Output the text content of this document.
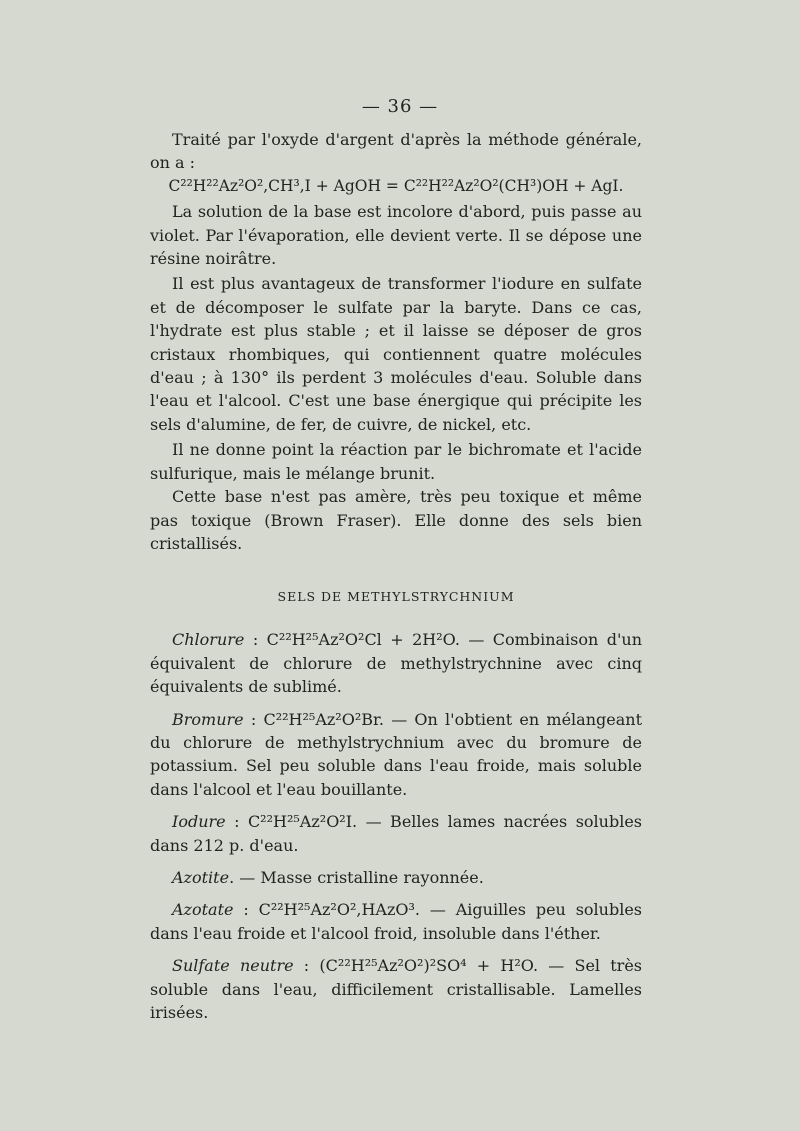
— 36 —

Traité par l'oxyde d'argent d'après la méthode générale, on a :

C²²H²²Az²O²,CH³,I + AgOH = C²²H²²Az²O²(CH³)OH + AgI.

La solution de la base est incolore d'abord, puis passe au violet. Par l'évaporation, elle devient verte. Il se dépose une résine noirâtre.

Il est plus avantageux de transformer l'iodure en sulfate et de décomposer le sulfate par la baryte. Dans ce cas, l'hydrate est plus stable ; et il laisse se déposer de gros cristaux rhombiques, qui contiennent quatre molécules d'eau ; à 130° ils perdent 3 molécules d'eau. Soluble dans l'eau et l'alcool. C'est une base énergique qui précipite les sels d'alumine, de fer, de cuivre, de nickel, etc.

Il ne donne point la réaction par le bichromate et l'acide sulfurique, mais le mélange brunit.

Cette base n'est pas amère, très peu toxique et même pas toxique (Brown Fraser). Elle donne des sels bien cristallisés.

SELS DE METHYLSTRYCHNIUM

Chlorure : C²²H²⁵Az²O²Cl + 2H²O. — Combinaison d'un équivalent de chlorure de methylstrychnine avec cinq équivalents de sublimé.

Bromure : C²²H²⁵Az²O²Br. — On l'obtient en mélangeant du chlorure de methylstrychnium avec du bromure de potassium. Sel peu soluble dans l'eau froide, mais soluble dans l'alcool et l'eau bouillante.

Iodure : C²²H²⁵Az²O²I. — Belles lames nacrées solubles dans 212 p. d'eau.

Azotite. — Masse cristalline rayonnée.

Azotate : C²²H²⁵Az²O²,HAzO³. — Aiguilles peu solubles dans l'eau froide et l'alcool froid, insoluble dans l'éther.

Sulfate neutre : (C²²H²⁵Az²O²)²SO⁴ + H²O. — Sel très soluble dans l'eau, difficilement cristallisable. Lamelles irisées.
